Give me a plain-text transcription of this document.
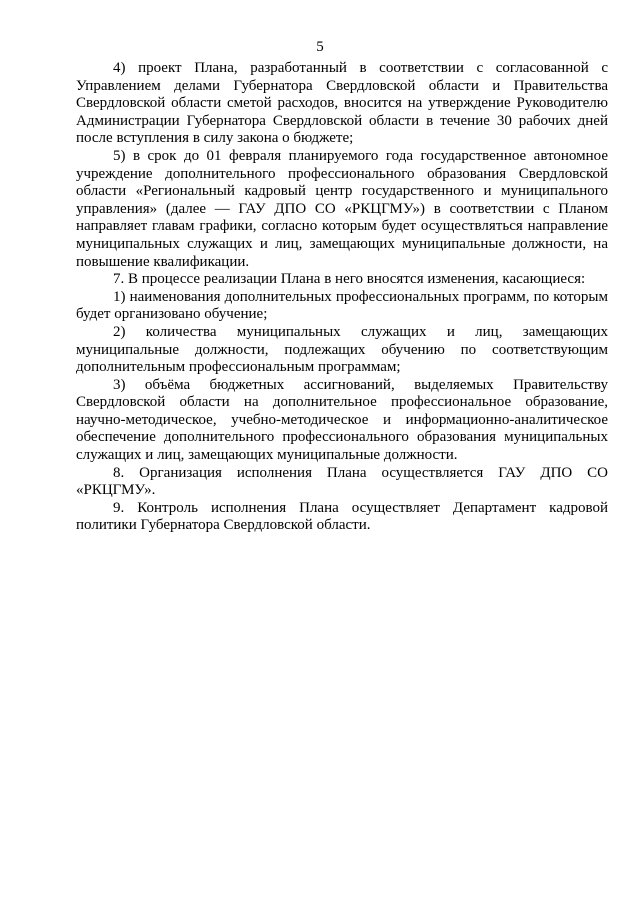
5

4) проект Плана, разработанный в соответствии с согласованной с Управлением делами Губернатора Свердловской области и Правительства Свердловской области сметой расходов, вносится на утверждение Руководителю Администрации Губернатора Свердловской области в течение 30 рабочих дней после вступления в силу закона о бюджете;

5) в срок до 01 февраля планируемого года государственное автономное учреждение дополнительного профессионального образования Свердловской области «Региональный кадровый центр государственного и муниципального управления» (далее — ГАУ ДПО СО «РКЦГМУ») в соответствии с Планом направляет главам графики, согласно которым будет осуществляться направление муниципальных служащих и лиц, замещающих муниципальные должности, на повышение квалификации.

7. В процессе реализации Плана в него вносятся изменения, касающиеся:

1) наименования дополнительных профессиональных программ, по которым будет организовано обучение;

2) количества муниципальных служащих и лиц, замещающих муниципальные должности, подлежащих обучению по соответствующим дополнительным профессиональным программам;

3) объёма бюджетных ассигнований, выделяемых Правительству Свердловской области на дополнительное профессиональное образование, научно-методическое, учебно-методическое и информационно-аналитическое обеспечение дополнительного профессионального образования муниципальных служащих и лиц, замещающих муниципальные должности.

8. Организация исполнения Плана осуществляется ГАУ ДПО СО «РКЦГМУ».

9. Контроль исполнения Плана осуществляет Департамент кадровой политики Губернатора Свердловской области.
